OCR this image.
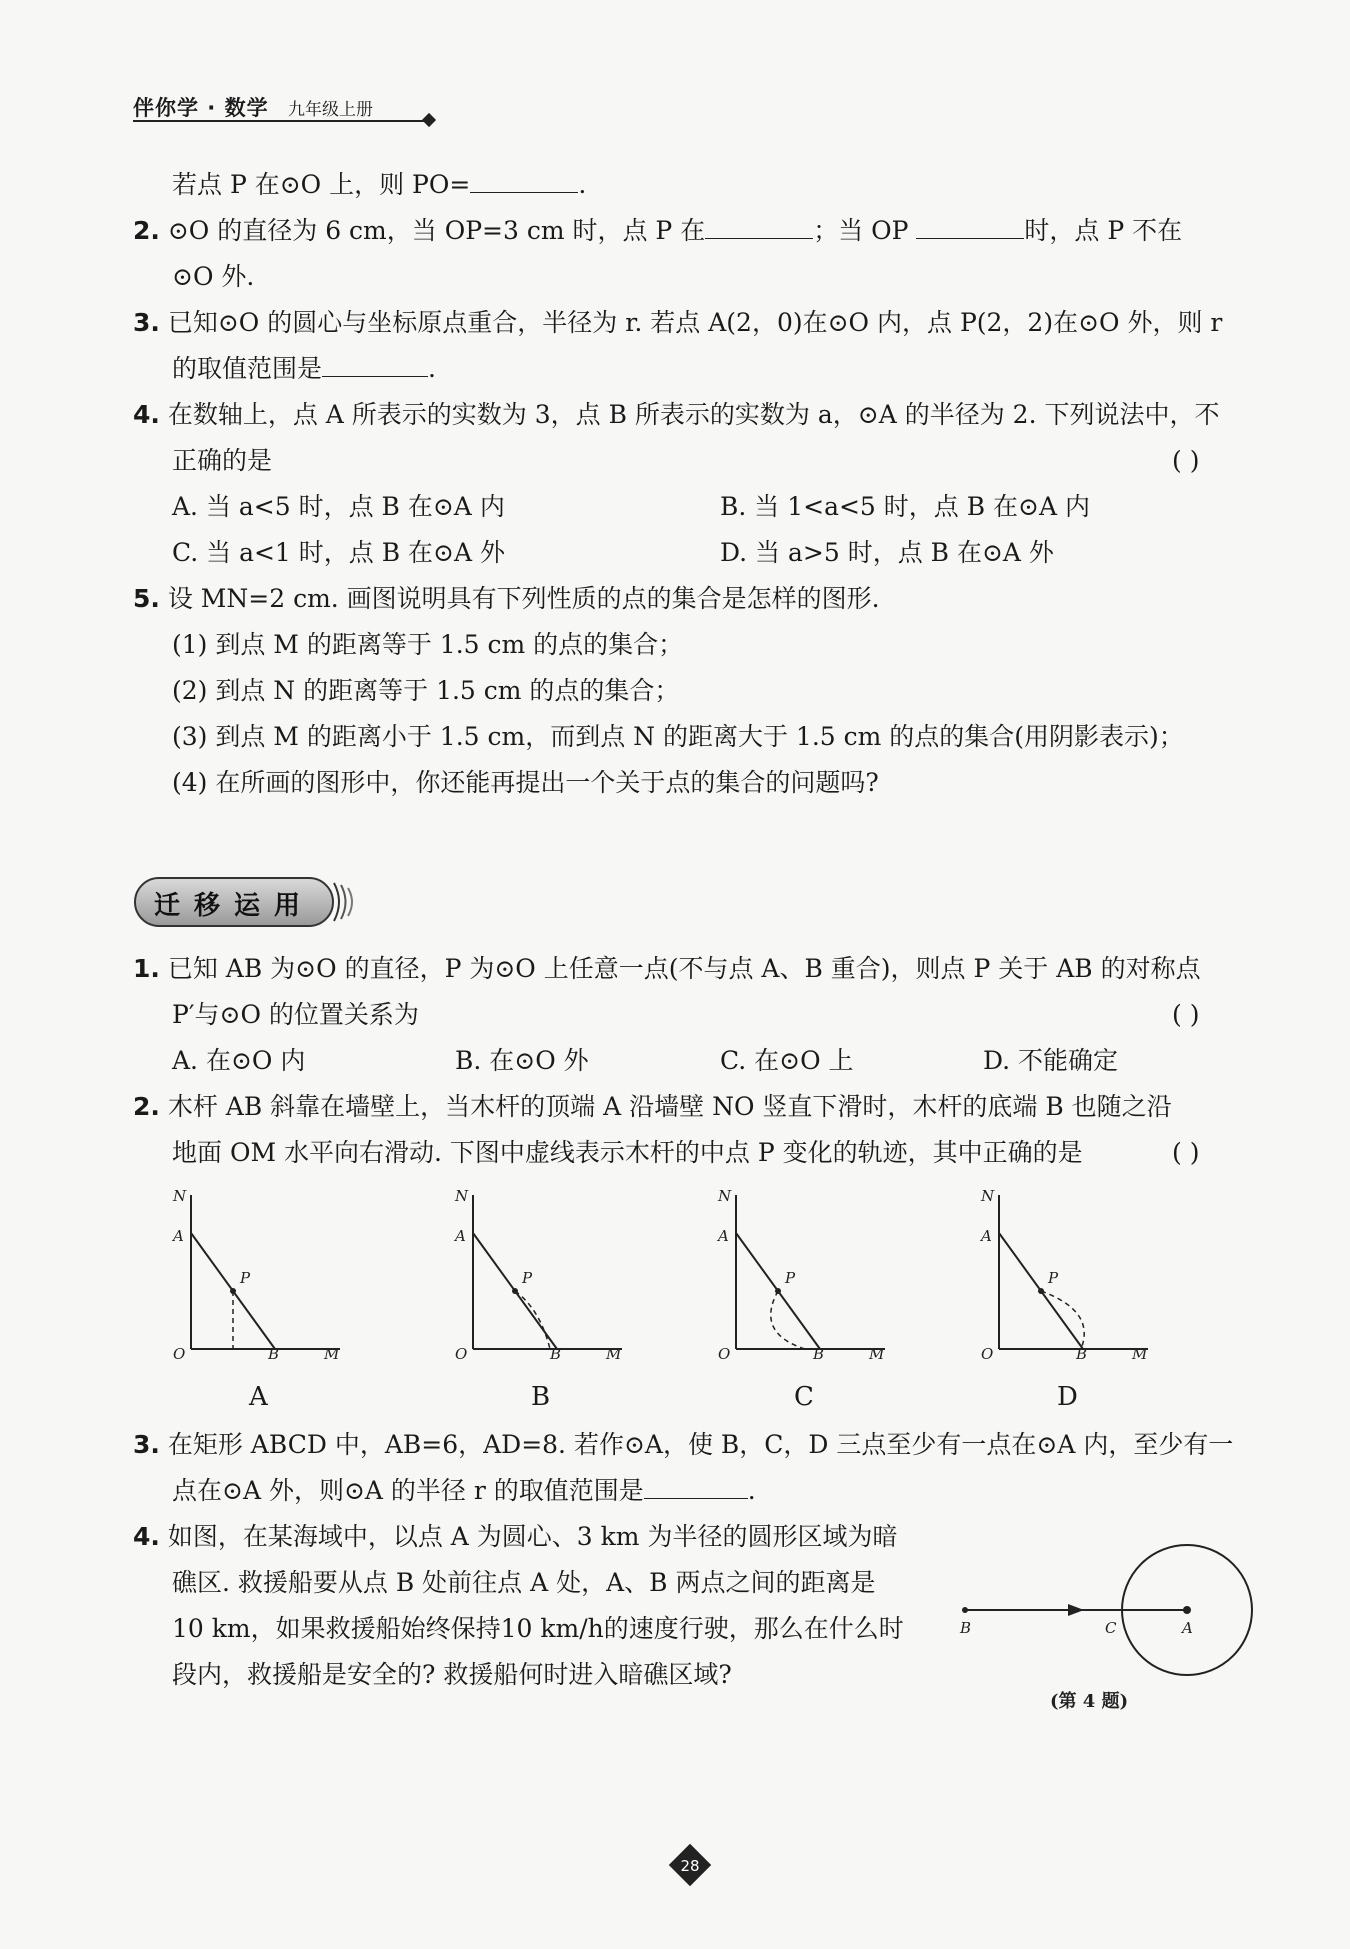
伴你学 · 数学 九年级上册
若点 P 在⊙O 上，则 PO=	.
2. ⊙O 的直径为 6 cm，当 OP=3 cm 时，点 P 在	；当 OP	时，点 P 不在
⊙O 外.
3. 已知⊙O 的圆心与坐标原点重合，半径为 r. 若点 A(2，0)在⊙O 内，点 P(2，2)在⊙O 外，则 r
的取值范围是	.
4. 在数轴上，点 A 所表示的实数为 3，点 B 所表示的实数为 a，⊙A 的半径为 2. 下列说法中，不
正确的是	( )
A. 当 a<5 时，点 B 在⊙A 内	B. 当 1<a<5 时，点 B 在⊙A 内
C. 当 a<1 时，点 B 在⊙A 外	D. 当 a>5 时，点 B 在⊙A 外
5. 设 MN=2 cm. 画图说明具有下列性质的点的集合是怎样的图形.
(1) 到点 M 的距离等于 1.5 cm 的点的集合；
(2) 到点 N 的距离等于 1.5 cm 的点的集合；
(3) 到点 M 的距离小于 1.5 cm，而到点 N 的距离大于 1.5 cm 的点的集合(用阴影表示)；
(4) 在所画的图形中，你还能再提出一个关于点的集合的问题吗?
迁移运用
1. 已知 AB 为⊙O 的直径，P 为⊙O 上任意一点(不与点 A、B 重合)，则点 P 关于 AB 的对称点
P′与⊙O 的位置关系为	( )
A. 在⊙O 内	B. 在⊙O 外	C. 在⊙O 上	D. 不能确定
2. 木杆 AB 斜靠在墙壁上，当木杆的顶端 A 沿墙壁 NO 竖直下滑时，木杆的底端 B 也随之沿
地面 OM 水平向右滑动. 下图中虚线表示木杆的中点 P 变化的轨迹，其中正确的是	( )
N
A
P
O	B	M
N
A
P
O	B	M
N
A
P
O	B	M
N
A
P
O	B	M
A	B	C	D
3. 在矩形 ABCD 中，AB=6，AD=8. 若作⊙A，使 B，C，D 三点至少有一点在⊙A 内，至少有一
点在⊙A 外，则⊙A 的半径 r 的取值范围是	.
4. 如图，在某海域中，以点 A 为圆心、3 km 为半径的圆形区域为暗
礁区. 救援船要从点 B 处前往点 A 处，A、B 两点之间的距离是
10 km，如果救援船始终保持10 km/h的速度行驶，那么在什么时
段内，救援船是安全的? 救援船何时进入暗礁区域?
B	C	A
(第 4 题)
28
